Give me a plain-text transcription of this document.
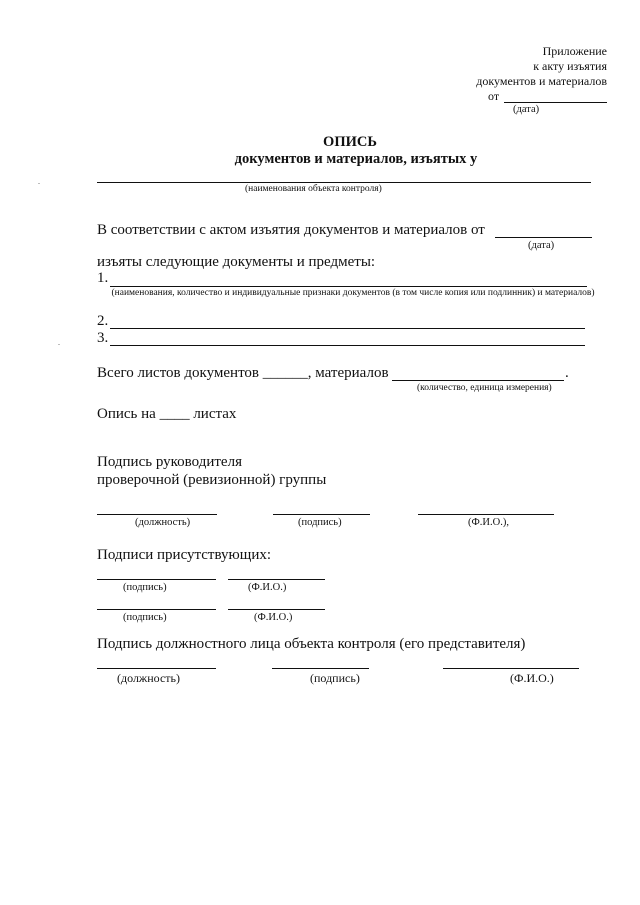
Приложение
к акту изъятия
документов и материалов
от
(дата)
ОПИСЬ
документов и материалов, изъятых у
(наименования объекта контроля)
В соответствии с актом изъятия документов и материалов от
(дата)
изъяты следующие документы и предметы:
1.
(наименования, количество и индивидуальные признаки документов (в том числе копия или подлинник) и материалов)
2.
3.
Всего листов документов ______, материалов	.
(количество, единица измерения)
Опись на ____ листах
Подпись руководителя
проверочной (ревизионной) группы
(должность)	(подпись)	(Ф.И.О.),
Подписи присутствующих:
(подпись)	(Ф.И.О.)
(подпись)	(Ф.И.О.)
Подпись должностного лица объекта контроля (его представителя)
(должность)	(подпись)	(Ф.И.О.)
